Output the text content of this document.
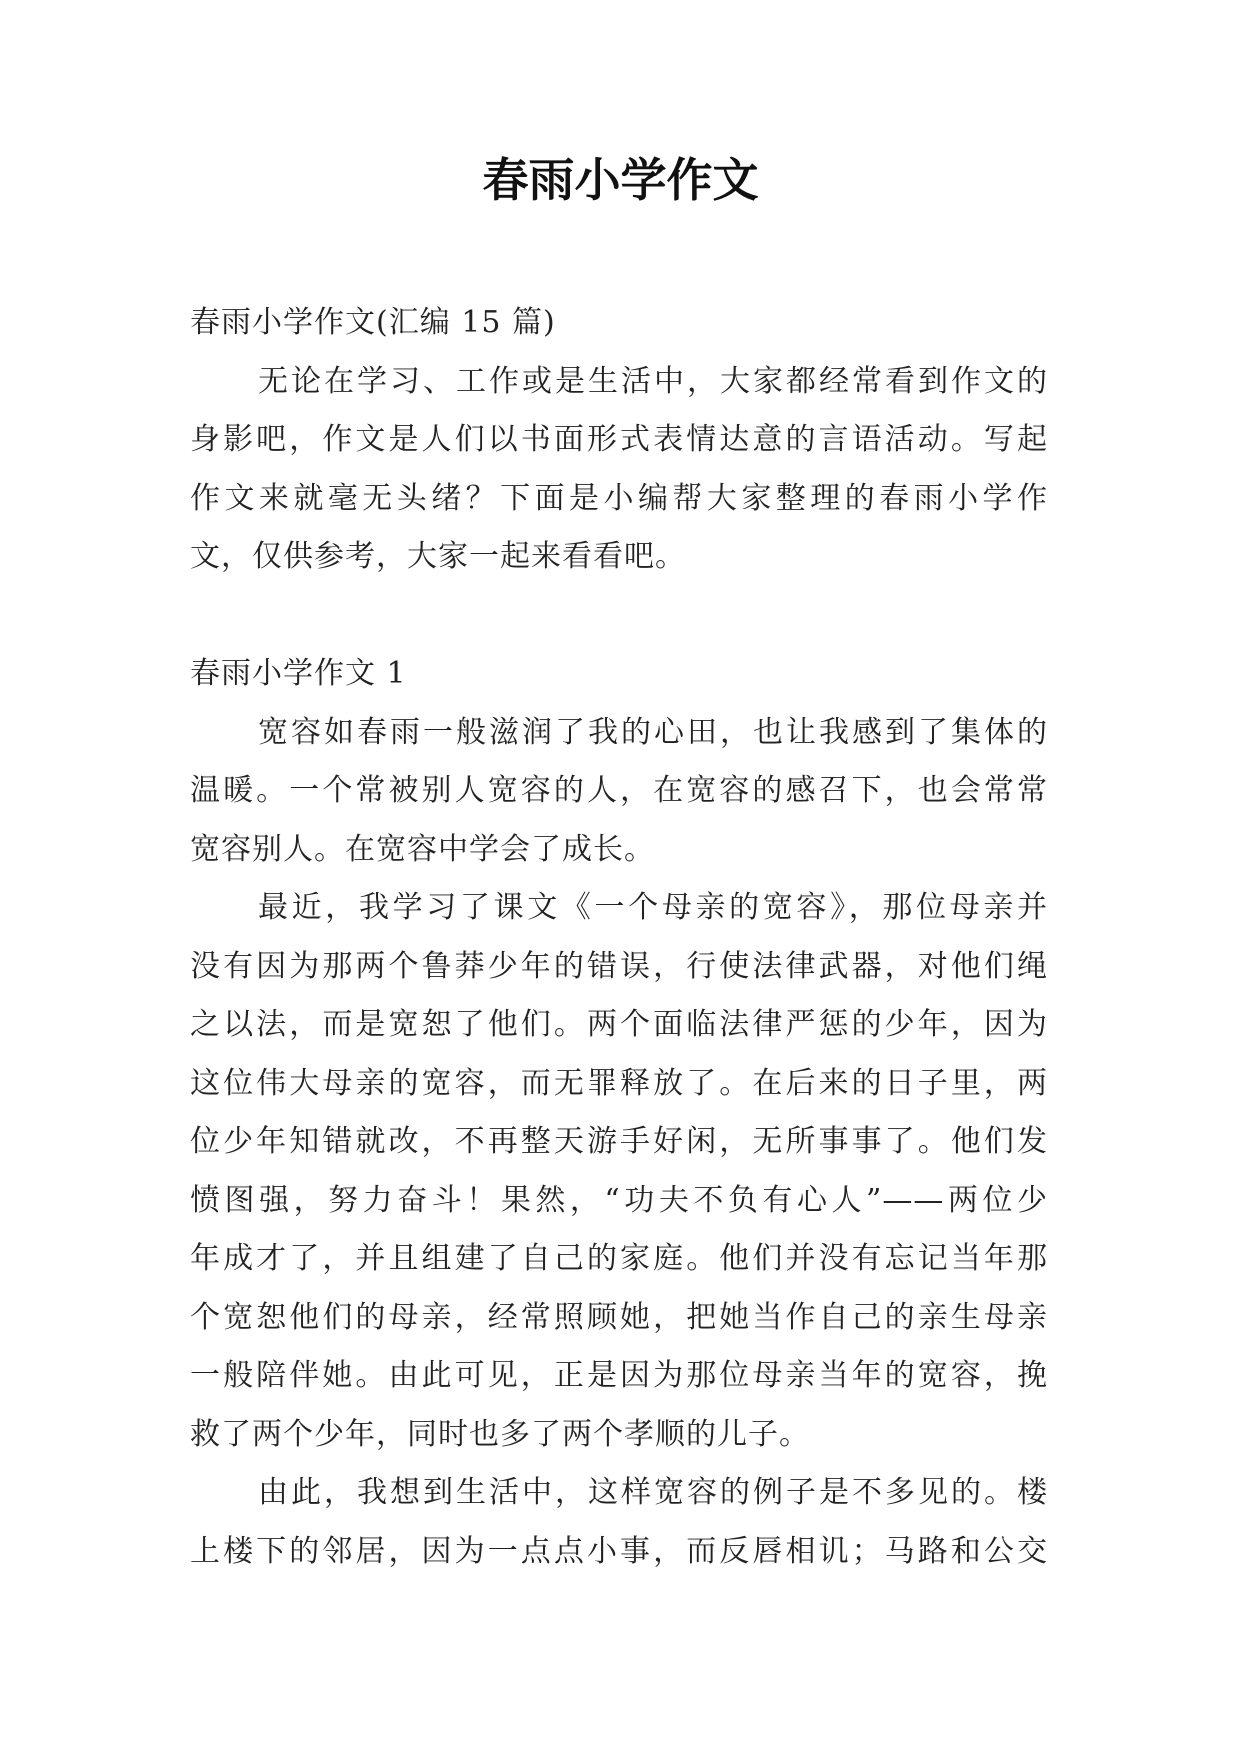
春雨小学作文
春雨小学作文(汇编 15 篇)
无论在学习、工作或是生活中，大家都经常看到作文的
身影吧，作文是人们以书面形式表情达意的言语活动。写起
作文来就毫无头绪？下面是小编帮大家整理的春雨小学作
文，仅供参考，大家一起来看看吧。
春雨小学作文 1
宽容如春雨一般滋润了我的心田，也让我感到了集体的
温暖。一个常被别人宽容的人，在宽容的感召下，也会常常
宽容别人。在宽容中学会了成长。
最近，我学习了课文《一个母亲的宽容》，那位母亲并
没有因为那两个鲁莽少年的错误，行使法律武器，对他们绳
之以法，而是宽恕了他们。两个面临法律严惩的少年，因为
这位伟大母亲的宽容，而无罪释放了。在后来的日子里，两
位少年知错就改，不再整天游手好闲，无所事事了。他们发
愤图强，努力奋斗！果然，“功夫不负有心人”——两位少
年成才了，并且组建了自己的家庭。他们并没有忘记当年那
个宽恕他们的母亲，经常照顾她，把她当作自己的亲生母亲
一般陪伴她。由此可见，正是因为那位母亲当年的宽容，挽
救了两个少年，同时也多了两个孝顺的儿子。
由此，我想到生活中，这样宽容的例子是不多见的。楼
上楼下的邻居，因为一点点小事，而反唇相讥；马路和公交
